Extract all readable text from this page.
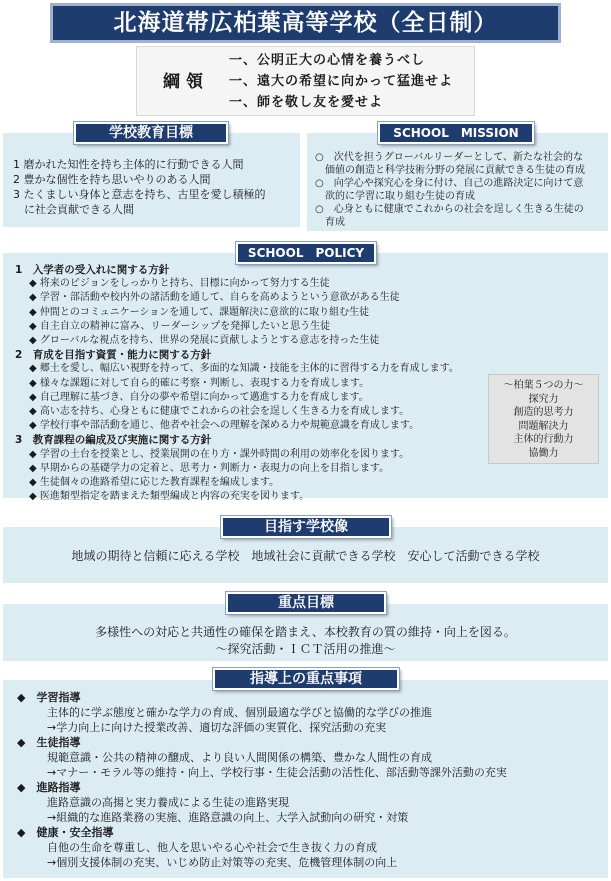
北海道帯広柏葉高等学校（全日制）
綱領
一、公明正大の心情を養うべし
一、遠大の希望に向かって猛進せよ
一、師を敬し友を愛せよ
1 磨かれた知性を持ち主体的に行動できる人間
2 豊かな個性を持ち思いやりのある人間
3 たくましい身体と意志を持ち、古里を愛し積極的
　に社会貢献できる人間
学校教育目標
○　次代を担うグローバルリーダーとして、新たな社会的な
　価値の創造と科学技術分野の発展に貢献できる生徒の育成
○　向学心や探究心を身に付け、自己の進路決定に向けて意
　欲的に学習に取り組む生徒の育成
○　心身ともに健康でこれからの社会を逞しく生きる生徒の
　育成
SCHOOL　MISSION
1　入学者の受入れに関する方針
◆ 将来のビジョンをしっかりと持ち、目標に向かって努力する生徒
◆ 学習・部活動や校内外の諸活動を通して、自らを高めようという意欲がある生徒
◆ 仲間とのコミュニケーションを通して、課題解決に意欲的に取り組む生徒
◆ 自主自立の精神に富み、リーダーシップを発揮したいと思う生徒
◆ グローバルな視点を持ち、世界の発展に貢献しようとする意志を持った生徒
2　育成を目指す資質・能力に関する方針
◆ 郷土を愛し、幅広い視野を持って、多面的な知識・技能を主体的に習得する力を育成します。
◆ 様々な課題に対して自ら的確に考察・判断し、表現する力を育成します。
◆ 自己理解に基づき、自分の夢や希望に向かって邁進する力を育成します。
◆ 高い志を持ち、心身ともに健康でこれからの社会を逞しく生きる力を育成します。
◆ 学校行事や部活動を通じ、他者や社会への理解を深める力や規範意識を育成します。
3　教育課程の編成及び実施に関する方針
◆ 学習の土台を授業とし、授業展開の在り方・課外時間の利用の効率化を図ります。
◆ 早期からの基礎学力の定着と、思考力・判断力・表現力の向上を目指します。
◆ 生徒個々の進路希望に応じた教育課程を編成します。
◆ 医進類型指定を踏まえた類型編成と内容の充実を図ります。
SCHOOL　POLICY
～柏葉５つの力～
探究力
創造的思考力
問題解決力
主体的行動力
協働力
地域の期待と信頼に応える学校　地域社会に貢献できる学校　安心して活動できる学校
目指す学校像
多様性への対応と共通性の確保を踏まえ、本校教育の質の維持・向上を図る。
～探究活動・ＩＣＴ活用の推進～
重点目標
◆　学習指導
主体的に学ぶ態度と確かな学力の育成、個別最適な学びと協働的な学びの推進
→学力向上に向けた授業改善、適切な評価の実質化、探究活動の充実
◆　生徒指導
規範意識・公共の精神の醸成、より良い人間関係の構築、豊かな人間性の育成
→マナー・モラル等の維持・向上、学校行事・生徒会活動の活性化、部活動等課外活動の充実
◆　進路指導
進路意識の高揚と実力養成による生徒の進路実現
→組織的な進路業務の実施、進路意識の向上、大学入試動向の研究・対策
◆　健康・安全指導
自他の生命を尊重し、他人を思いやる心や社会で生き抜く力の育成
→個別支援体制の充実、いじめ防止対策等の充実、危機管理体制の向上
指導上の重点事項
